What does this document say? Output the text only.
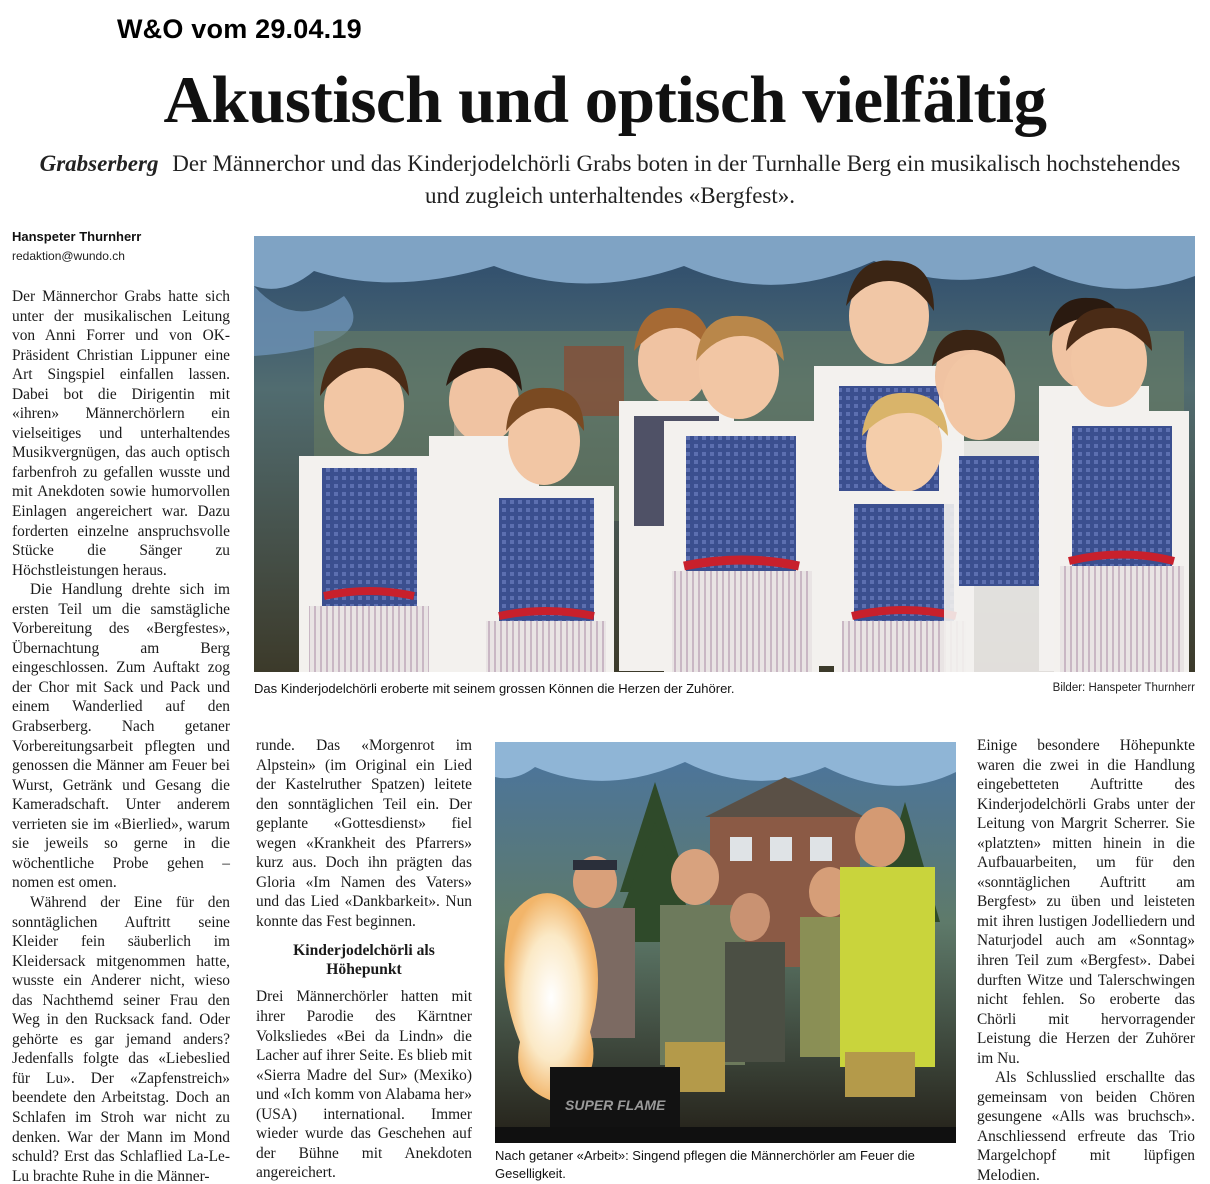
W&O vom 29.04.19
Akustisch und optisch vielfältig
Grabserberg Der Männerchor und das Kinderjodelchörli Grabs boten in der Turnhalle Berg ein musikalisch hochstehendes und zugleich unterhaltendes «Bergfest».
Hanspeter Thurnherr
redaktion@wundo.ch

Der Männerchor Grabs hatte sich unter der musikalischen Leitung von Anni Forrer und von OK-Präsident Christian Lippuner eine Art Singspiel einfallen lassen. Dabei bot die Dirigentin mit «ihren» Männerchörlern ein vielseitiges und unterhaltendes Musikvergnügen, das auch optisch farbenfroh zu gefallen wusste und mit Anekdoten sowie humorvollen Einlagen angereichert war. Dazu forderten einzelne anspruchsvolle Stücke die Sänger zu Höchstleistungen heraus.

Die Handlung drehte sich im ersten Teil um die samstägliche Vorbereitung des «Bergfestes», Übernachtung am Berg eingeschlossen. Zum Auftakt zog der Chor mit Sack und Pack und einem Wanderlied auf den Grabserberg. Nach getaner Vorbereitungsarbeit pflegten und genossen die Männer am Feuer bei Wurst, Getränk und Gesang die Kameradschaft. Unter anderem verrieten sie im «Bierlied», warum sie jeweils so gerne in die wöchentliche Probe gehen – nomen est omen.

Während der Eine für den sonntäglichen Auftritt seine Kleider fein säuberlich im Kleidersack mitgenommen hatte, wusste ein Anderer nicht, wieso das Nachthemd seiner Frau den Weg in den Rucksack fand. Oder gehörte es gar jemand anders? Jedenfalls folgte das «Liebeslied für Lu». Der «Zapfenstreich» beendete den Arbeitstag. Doch an Schlafen im Stroh war nicht zu denken. War der Mann im Mond schuld? Erst das Schlaflied La-Le-Lu brachte Ruhe in die Männer-

Das Kinderjodelchörli eroberte mit seinem grossen Können die Herzen der Zuhörer.	Bilder: Hanspeter Thurnherr

runde. Das «Morgenrot im Alpstein» (im Original ein Lied der Kastelruther Spatzen) leitete den sonntäglichen Teil ein. Der geplante «Gottesdienst» fiel wegen «Krankheit des Pfarrers» kurz aus. Doch ihn prägten das Gloria «Im Namen des Vaters» und das Lied «Dankbarkeit». Nun konnte das Fest beginnen.

Kinderjodelchörli als Höhepunkt

Drei Männerchörler hatten mit ihrer Parodie des Kärntner Volksliedes «Bei da Lindn» die Lacher auf ihrer Seite. Es blieb mit «Sierra Madre del Sur» (Mexiko) und «Ich komm von Alabama her» (USA) international. Immer wieder wurde das Geschehen auf der Bühne mit Anekdoten angereichert.

SUPER FLAME
Nach getaner «Arbeit»: Singend pflegen die Männerchörler am Feuer die Geselligkeit.

Einige besondere Höhepunkte waren die zwei in die Handlung eingebetteten Auftritte des Kinderjodelchörli Grabs unter der Leitung von Margrit Scherrer. Sie «platzten» mitten hinein in die Aufbauarbeiten, um für den «sonntäglichen Auftritt am Bergfest» zu üben und leisteten mit ihren lustigen Jodelliedern und Naturjodel auch am «Sonntag» ihren Teil zum «Bergfest». Dabei durften Witze und Talerschwingen nicht fehlen. So eroberte das Chörli mit hervorragender Leistung die Herzen der Zuhörer im Nu.

Als Schlusslied erschallte das gemeinsam von beiden Chören gesungene «Alls was bruchsch». Anschliessend erfreute das Trio Margelchopf mit lüpfigen Melodien.
